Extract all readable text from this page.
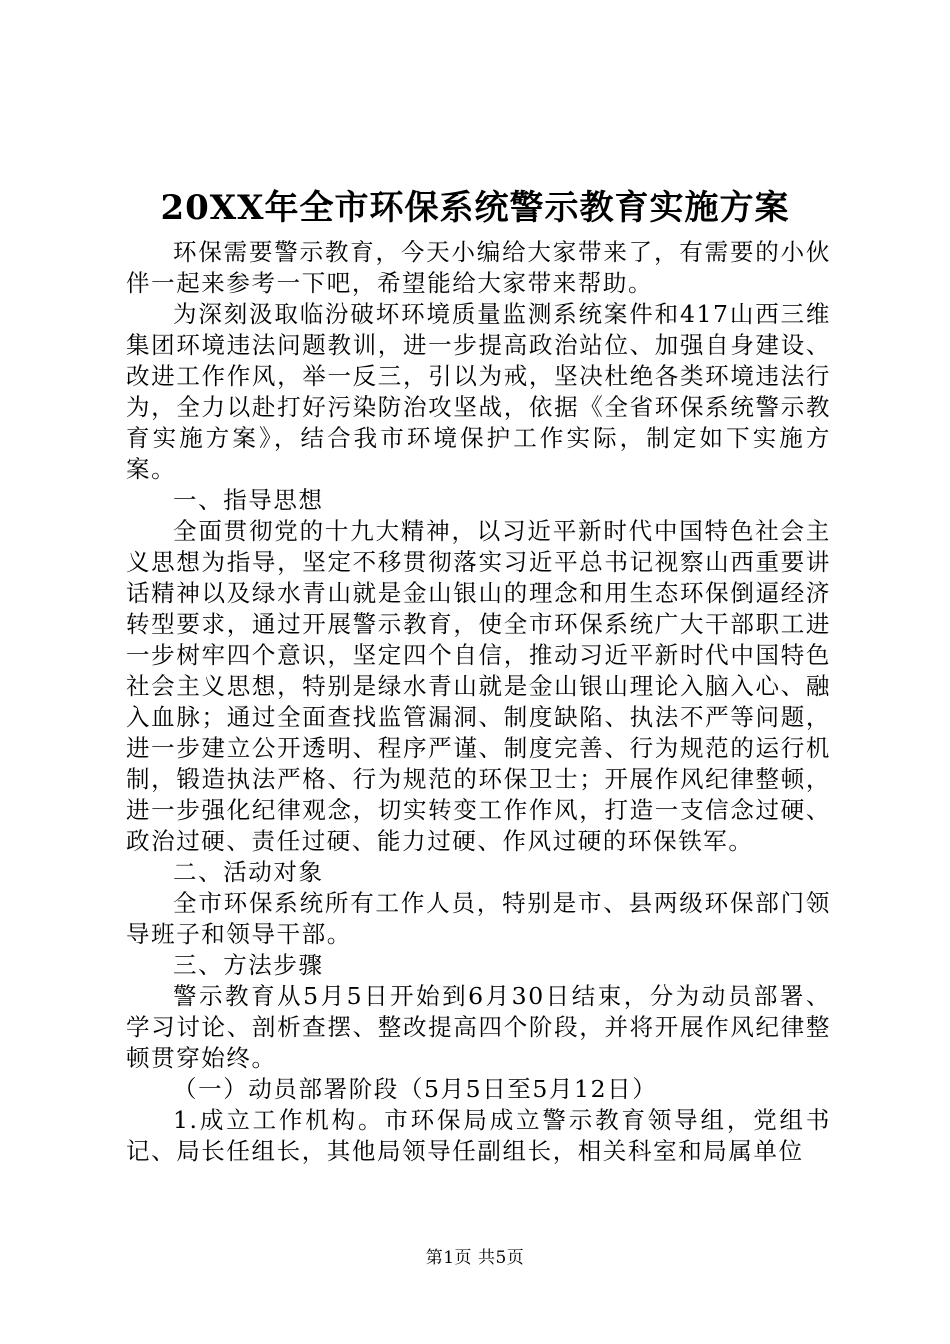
20XX年全市环保系统警示教育实施方案

环保需要警示教育，今天小编给大家带来了，有需要的小伙伴一起来参考一下吧，希望能给大家带来帮助。

为深刻汲取临汾破坏环境质量监测系统案件和417山西三维集团环境违法问题教训，进一步提高政治站位、加强自身建设、改进工作作风，举一反三，引以为戒，坚决杜绝各类环境违法行为，全力以赴打好污染防治攻坚战，依据《全省环保系统警示教育实施方案》，结合我市环境保护工作实际，制定如下实施方案。

一、指导思想

全面贯彻党的十九大精神，以习近平新时代中国特色社会主义思想为指导，坚定不移贯彻落实习近平总书记视察山西重要讲话精神以及绿水青山就是金山银山的理念和用生态环保倒逼经济转型要求，通过开展警示教育，使全市环保系统广大干部职工进一步树牢四个意识，坚定四个自信，推动习近平新时代中国特色社会主义思想，特别是绿水青山就是金山银山理论入脑入心、融入血脉；通过全面查找监管漏洞、制度缺陷、执法不严等问题，进一步建立公开透明、程序严谨、制度完善、行为规范的运行机制，锻造执法严格、行为规范的环保卫士；开展作风纪律整顿，进一步强化纪律观念，切实转变工作作风，打造一支信念过硬、政治过硬、责任过硬、能力过硬、作风过硬的环保铁军。

二、活动对象

全市环保系统所有工作人员，特别是市、县两级环保部门领导班子和领导干部。

三、方法步骤

警示教育从5月5日开始到6月30日结束，分为动员部署、学习讨论、剖析查摆、整改提高四个阶段，并将开展作风纪律整顿贯穿始终。

（一）动员部署阶段（5月5日至5月12日）

1.成立工作机构。市环保局成立警示教育领导组，党组书记、局长任组长，其他局领导任副组长，相关科室和局属单位

第1页 共5页
